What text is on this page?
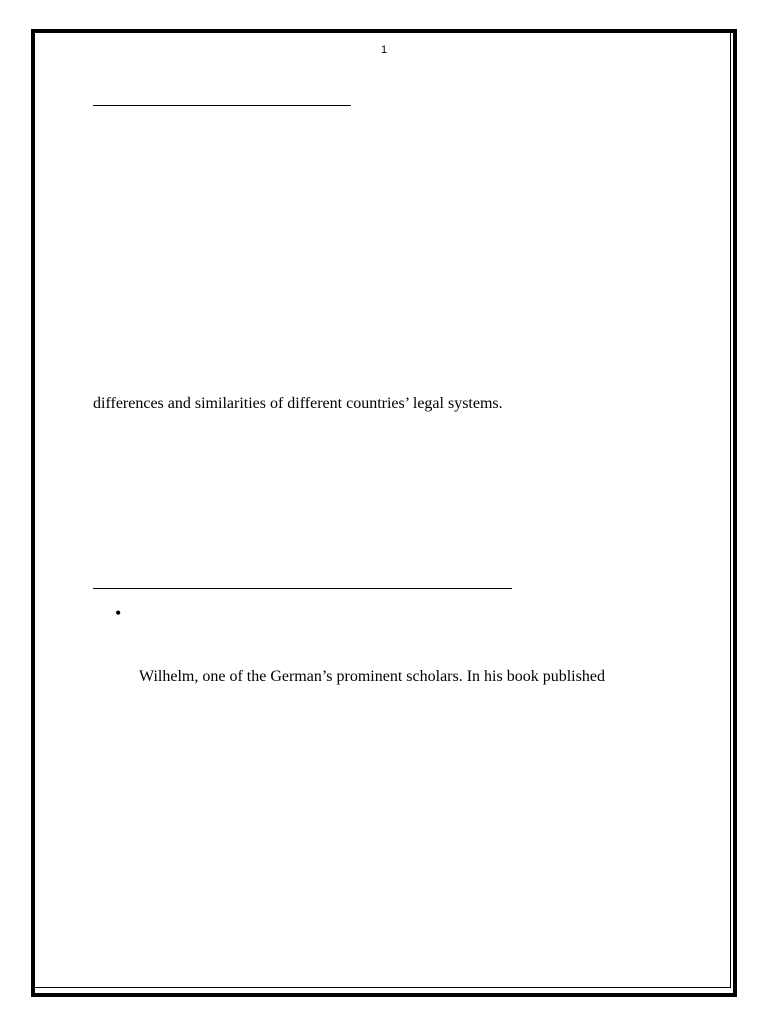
1
differences and similarities of different countries’ legal systems.
•
Wilhelm, one of the German’s prominent scholars. In his book published
